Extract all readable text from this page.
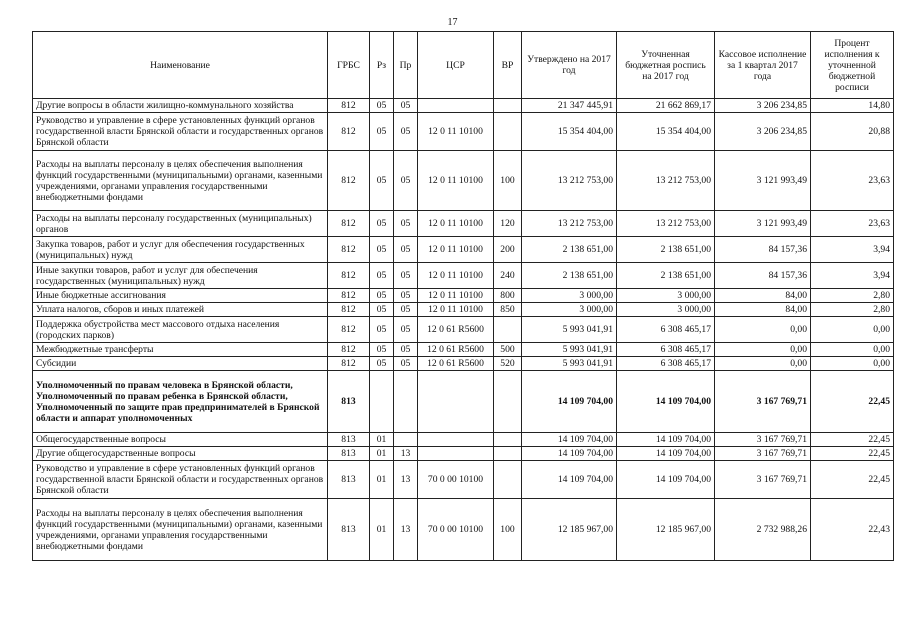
17
Наименование	ГРБС	Рз	Пр	ЦСР	ВР	Утверждено на 2017 год	Уточненная бюджетная роспись на 2017 год	Кассовое исполнение за 1 квартал 2017 года	Процент исполнения к уточненной бюджетной росписи
Другие вопросы в области жилищно-коммунального хозяйства	812	05	05			21 347 445,91	21 662 869,17	3 206 234,85	14,80
Руководство и управление в сфере установленных функций органов государственной власти Брянской области и государственных органов Брянской области	812	05	05	12 0 11 10100		15 354 404,00	15 354 404,00	3 206 234,85	20,88
Расходы на выплаты персоналу в целях обеспечения выполнения функций государственными (муниципальными) органами, казенными учреждениями, органами управления государственными внебюджетными фондами	812	05	05	12 0 11 10100	100	13 212 753,00	13 212 753,00	3 121 993,49	23,63
Расходы на выплаты персоналу государственных (муниципальных) органов	812	05	05	12 0 11 10100	120	13 212 753,00	13 212 753,00	3 121 993,49	23,63
Закупка товаров, работ и услуг для обеспечения государственных (муниципальных) нужд	812	05	05	12 0 11 10100	200	2 138 651,00	2 138 651,00	84 157,36	3,94
Иные закупки товаров, работ и услуг для обеспечения государственных (муниципальных) нужд	812	05	05	12 0 11 10100	240	2 138 651,00	2 138 651,00	84 157,36	3,94
Иные бюджетные ассигнования	812	05	05	12 0 11 10100	800	3 000,00	3 000,00	84,00	2,80
Уплата налогов, сборов и иных платежей	812	05	05	12 0 11 10100	850	3 000,00	3 000,00	84,00	2,80
Поддержка обустройства мест массового отдыха населения (городских парков)	812	05	05	12 0 61 R5600		5 993 041,91	6 308 465,17	0,00	0,00
Межбюджетные трансферты	812	05	05	12 0 61 R5600	500	5 993 041,91	6 308 465,17	0,00	0,00
Субсидии	812	05	05	12 0 61 R5600	520	5 993 041,91	6 308 465,17	0,00	0,00
Уполномоченный по правам человека в Брянской области, Уполномоченный по правам ребенка в Брянской области, Уполномоченный по защите прав предпринимателей в Брянской области и аппарат уполномоченных	813					14 109 704,00	14 109 704,00	3 167 769,71	22,45
Общегосударственные вопросы	813	01				14 109 704,00	14 109 704,00	3 167 769,71	22,45
Другие общегосударственные вопросы	813	01	13			14 109 704,00	14 109 704,00	3 167 769,71	22,45
Руководство и управление в сфере установленных функций органов государственной власти Брянской области и государственных органов Брянской области	813	01	13	70 0 00 10100		14 109 704,00	14 109 704,00	3 167 769,71	22,45
Расходы на выплаты персоналу в целях обеспечения выполнения функций государственными (муниципальными) органами, казенными учреждениями, органами управления государственными внебюджетными фондами	813	01	13	70 0 00 10100	100	12 185 967,00	12 185 967,00	2 732 988,26	22,43
